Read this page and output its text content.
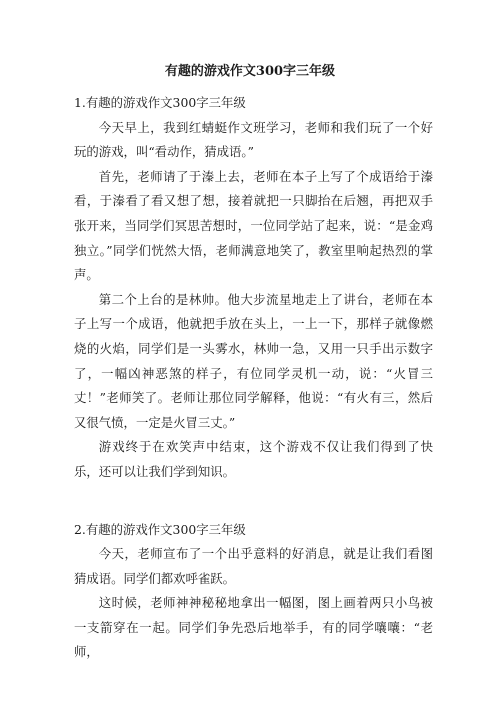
有趣的游戏作文300字三年级

1.有趣的游戏作文300字三年级

今天早上，我到红蜻蜓作文班学习，老师和我们玩了一个好玩的游戏，叫“看动作，猜成语。”

首先，老师请了于溱上去，老师在本子上写了个成语给于溱看，于溱看了看又想了想，接着就把一只脚抬在后翘，再把双手张开来，当同学们冥思苦想时，一位同学站了起来，说：“是金鸡独立。”同学们恍然大悟，老师满意地笑了，教室里响起热烈的掌声。

第二个上台的是林帅。他大步流星地走上了讲台，老师在本子上写一个成语，他就把手放在头上，一上一下，那样子就像燃烧的火焰，同学们是一头雾水，林帅一急，又用一只手出示数字了，一幅凶神恶煞的样子，有位同学灵机一动，说：“火冒三丈！”老师笑了。老师让那位同学解释，他说：“有火有三，然后又很气愤，一定是火冒三丈。”

游戏终于在欢笑声中结束，这个游戏不仅让我们得到了快乐，还可以让我们学到知识。

2.有趣的游戏作文300字三年级

今天，老师宣布了一个出乎意料的好消息，就是让我们看图猜成语。同学们都欢呼雀跃。

这时候，老师神神秘秘地拿出一幅图，图上画着两只小鸟被一支箭穿在一起。同学们争先恐后地举手，有的同学嚷嚷：“老师，
